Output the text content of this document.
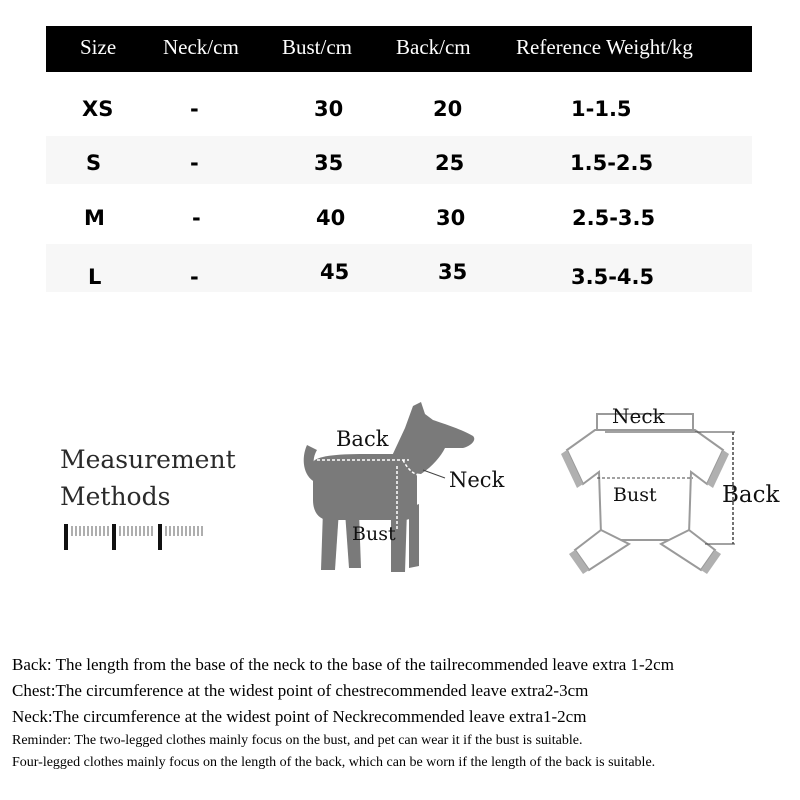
Size Neck/cm Bust/cm Back/cm Reference Weight/kg
XS	-	30	20	1-1.5
S	-	35	25	1.5-2.5
M	-	40	30	2.5-3.5
L	-	45	35	3.5-4.5
Measurement
Methods
Back
Neck
Bust
Neck
Bust	Back
Back: The length from the base of the neck to the base of the tailrecommended leave extra 1-2cm
Chest:The circumference at the widest point of chestrecommended leave extra2-3cm
Neck:The circumference at the widest point of Neckrecommended leave extra1-2cm
Reminder: The two-legged clothes mainly focus on the bust, and pet can wear it if the bust is suitable.
Four-legged clothes mainly focus on the length of the back, which can be worn if the length of the back is suitable.
